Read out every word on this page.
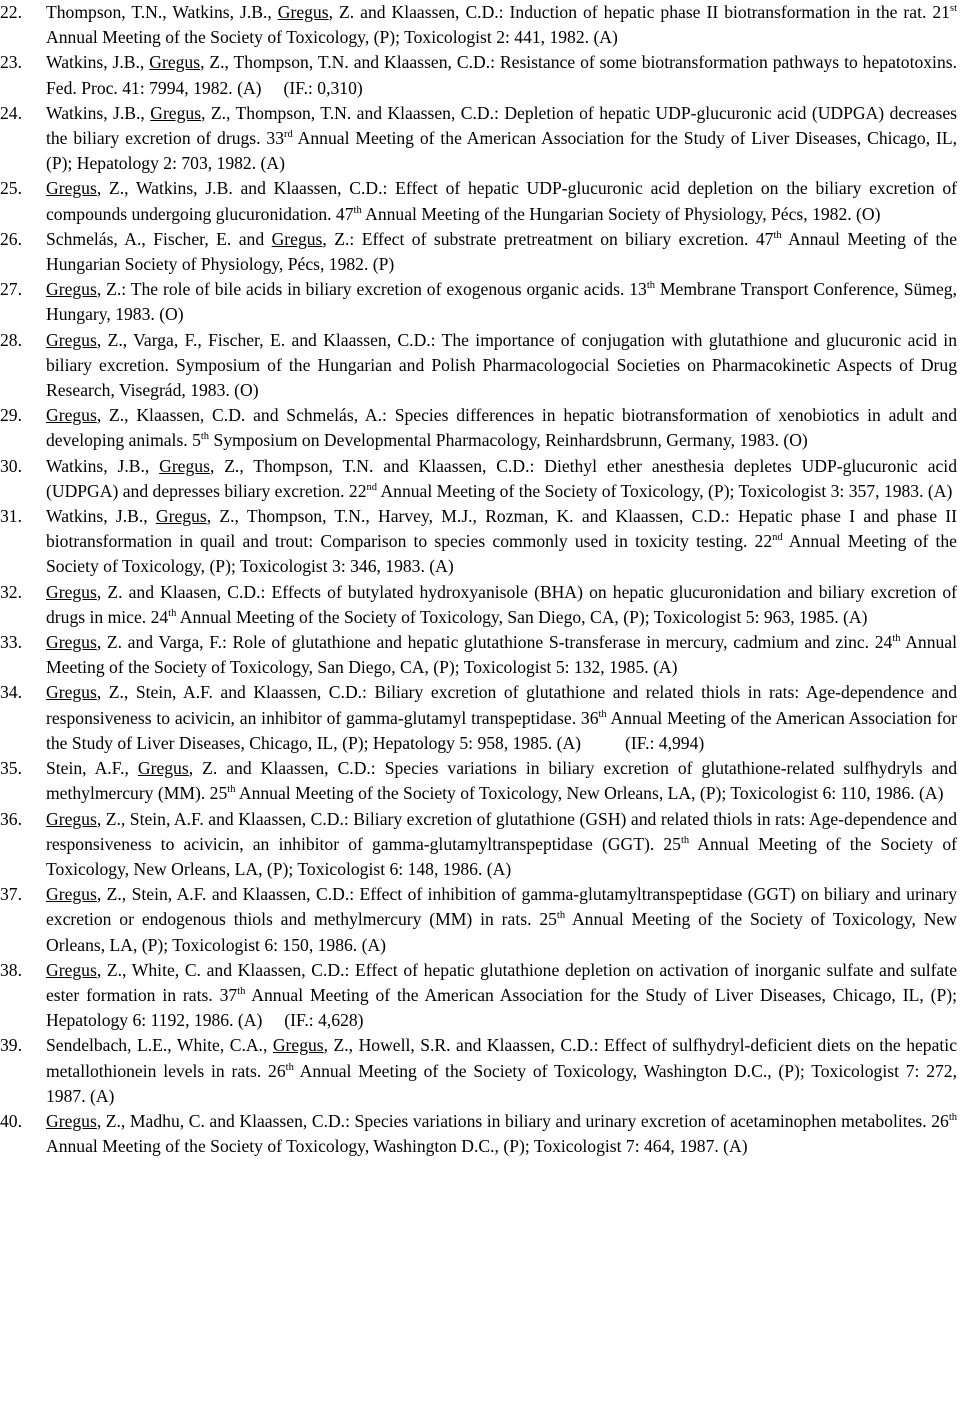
22.	Thompson, T.N., Watkins, J.B., Gregus, Z. and Klaassen, C.D.: Induction of hepatic phase II biotransformation in the rat. 21st Annual Meeting of the Society of Toxicology, (P); Toxicologist 2: 441, 1982. (A)
23.	Watkins, J.B., Gregus, Z., Thompson, T.N. and Klaassen, C.D.: Resistance of some biotransformation pathways to hepatotoxins. Fed. Proc. 41: 7994, 1982. (A)     (IF.: 0,310)
24.	Watkins, J.B., Gregus, Z., Thompson, T.N. and Klaassen, C.D.: Depletion of hepatic UDP-glucuronic acid (UDPGA) decreases the biliary excretion of drugs. 33rd Annual Meeting of the American Association for the Study of Liver Diseases, Chicago, IL, (P); Hepatology 2: 703, 1982. (A)
25.	Gregus, Z., Watkins, J.B. and Klaassen, C.D.: Effect of hepatic UDP-glucuronic acid depletion on the biliary excretion of compounds undergoing glucuronidation. 47th Annual Meeting of the Hungarian Society of Physiology, Pécs, 1982. (O)
26.	Schmelás, A., Fischer, E. and Gregus, Z.: Effect of substrate pretreatment on biliary excretion. 47th Annaul Meeting of the Hungarian Society of Physiology, Pécs, 1982. (P)
27.	Gregus, Z.: The role of bile acids in biliary excretion of exogenous organic acids. 13th Membrane Transport Conference, Sümeg, Hungary, 1983. (O)
28.	Gregus, Z., Varga, F., Fischer, E. and Klaassen, C.D.: The importance of conjugation with glutathione and glucuronic acid in biliary excretion. Symposium of the Hungarian and Polish Pharmacologocial Societies on Pharmacokinetic Aspects of Drug Research, Visegrád, 1983. (O)
29.	Gregus, Z., Klaassen, C.D. and Schmelás, A.: Species differences in hepatic biotransformation of xenobiotics in adult and developing animals. 5th Symposium on Developmental Pharmacology, Reinhardsbrunn, Germany, 1983. (O)
30.	Watkins, J.B., Gregus, Z., Thompson, T.N. and Klaassen, C.D.: Diethyl ether anesthesia depletes UDP-glucuronic acid (UDPGA) and depresses biliary excretion. 22nd Annual Meeting of the Society of Toxicology, (P); Toxicologist 3: 357, 1983. (A)
31.	Watkins, J.B., Gregus, Z., Thompson, T.N., Harvey, M.J., Rozman, K. and Klaassen, C.D.: Hepatic phase I and phase II biotransformation in quail and trout: Comparison to species commonly used in toxicity testing. 22nd Annual Meeting of the Society of Toxicology, (P); Toxicologist 3: 346, 1983. (A)
32.	Gregus, Z. and Klaasen, C.D.: Effects of butylated hydroxyanisole (BHA) on hepatic glucuronidation and biliary excretion of drugs in mice. 24th Annual Meeting of the Society of Toxicology, San Diego, CA, (P); Toxicologist 5: 963, 1985. (A)
33.	Gregus, Z. and Varga, F.: Role of glutathione and hepatic glutathione S-transferase in mercury, cadmium and zinc. 24th Annual Meeting of the Society of Toxicology, San Diego, CA, (P); Toxicologist 5: 132, 1985. (A)
34.	Gregus, Z., Stein, A.F. and Klaassen, C.D.: Biliary excretion of glutathione and related thiols in rats: Age-dependence and responsiveness to acivicin, an inhibitor of gamma-glutamyl transpeptidase. 36th Annual Meeting of the American Association for the Study of Liver Diseases, Chicago, IL, (P); Hepatology 5: 958, 1985. (A)          (IF.: 4,994)
35.	Stein, A.F., Gregus, Z. and Klaassen, C.D.: Species variations in biliary excretion of glutathione-related sulfhydryls and methylmercury (MM). 25th Annual Meeting of the Society of Toxicology, New Orleans, LA, (P); Toxicologist 6: 110, 1986. (A)
36.	Gregus, Z., Stein, A.F. and Klaassen, C.D.: Biliary excretion of glutathione (GSH) and related thiols in rats: Age-dependence and responsiveness to acivicin, an inhibitor of gamma-glutamyltranspeptidase (GGT). 25th Annual Meeting of the Society of Toxicology, New Orleans, LA, (P); Toxicologist 6: 148, 1986. (A)
37.	Gregus, Z., Stein, A.F. and Klaassen, C.D.: Effect of inhibition of gamma-glutamyltranspeptidase (GGT) on biliary and urinary excretion or endogenous thiols and methylmercury (MM) in rats. 25th Annual Meeting of the Society of Toxicology, New Orleans, LA, (P); Toxicologist 6: 150, 1986. (A)
38.	Gregus, Z., White, C. and Klaassen, C.D.: Effect of hepatic glutathione depletion on activation of inorganic sulfate and sulfate ester formation in rats. 37th Annual Meeting of the American Association for the Study of Liver Diseases, Chicago, IL, (P); Hepatology 6: 1192, 1986. (A)     (IF.: 4,628)
39.	Sendelbach, L.E., White, C.A., Gregus, Z., Howell, S.R. and Klaassen, C.D.: Effect of sulfhydryl-deficient diets on the hepatic metallothionein levels in rats. 26th Annual Meeting of the Society of Toxicology, Washington D.C., (P); Toxicologist 7: 272, 1987. (A)
40.	Gregus, Z., Madhu, C. and Klaassen, C.D.: Species variations in biliary and urinary excretion of acetaminophen metabolites. 26th Annual Meeting of the Society of Toxicology, Washington D.C., (P); Toxicologist 7: 464, 1987. (A)
